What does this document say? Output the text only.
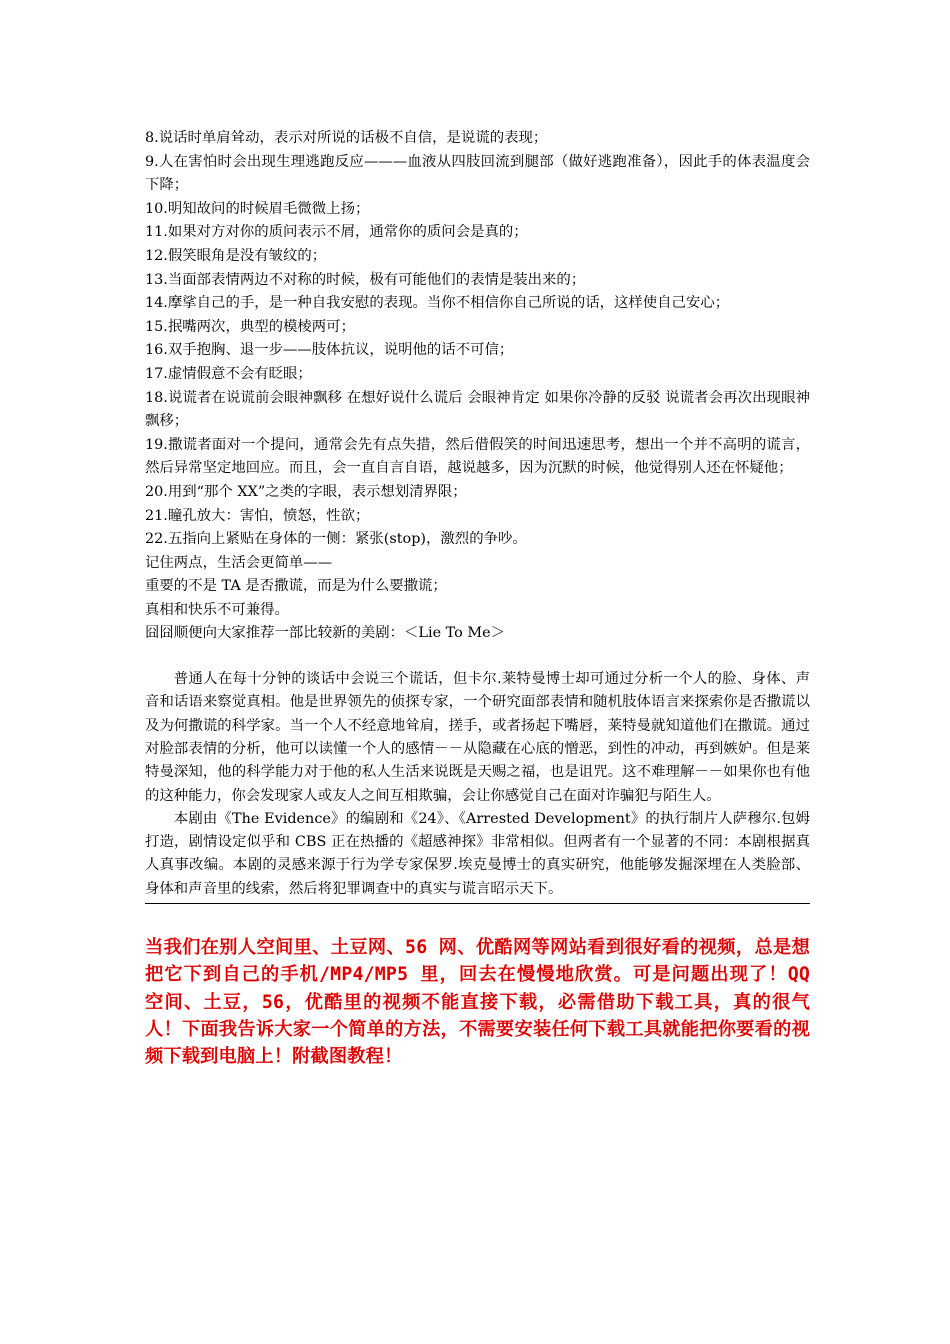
8.说话时单肩耸动，表示对所说的话极不自信，是说谎的表现；

9.人在害怕时会出现生理逃跑反应———血液从四肢回流到腿部（做好逃跑准备），因此手的体表温度会下降；

10.明知故问的时候眉毛微微上扬；

11.如果对方对你的质问表示不屑，通常你的质问会是真的；

12.假笑眼角是没有皱纹的；

13.当面部表情两边不对称的时候，极有可能他们的表情是装出来的；

14.摩挲自己的手，是一种自我安慰的表现。当你不相信你自己所说的话，这样使自己安心；

15.抿嘴两次，典型的模棱两可；

16.双手抱胸、退一步——肢体抗议，说明他的话不可信；

17.虚情假意不会有眨眼；

18.说谎者在说谎前会眼神飘移 在想好说什么谎后 会眼神肯定 如果你冷静的反驳 说谎者会再次出现眼神飘移；

19.撒谎者面对一个提问，通常会先有点失措，然后借假笑的时间迅速思考，想出一个并不高明的谎言，然后异常坚定地回应。而且，会一直自言自语，越说越多，因为沉默的时候，他觉得别人还在怀疑他；

20.用到“那个 XX”之类的字眼，表示想划清界限；

21.瞳孔放大：害怕，愤怒，性欲；

22.五指向上紧贴在身体的一侧：紧张(stop)，激烈的争吵。

记住两点，生活会更简单——

重要的不是 TA 是否撒谎，而是为什么要撒谎；

真相和快乐不可兼得。

囧囧顺便向大家推荐一部比较新的美剧：＜Lie To Me＞

普通人在每十分钟的谈话中会说三个谎话，但卡尔.莱特曼博士却可通过分析一个人的脸、身体、声音和话语来察觉真相。他是世界领先的侦探专家，一个研究面部表情和随机肢体语言来探索你是否撒谎以及为何撒谎的科学家。当一个人不经意地耸肩，搓手，或者扬起下嘴唇，莱特曼就知道他们在撒谎。通过对脸部表情的分析，他可以读懂一个人的感情－－从隐藏在心底的憎恶，到性的冲动，再到嫉妒。但是莱特曼深知，他的科学能力对于他的私人生活来说既是天赐之福，也是诅咒。这不难理解－－如果你也有他的这种能力，你会发现家人或友人之间互相欺骗，会让你感觉自己在面对诈骗犯与陌生人。

本剧由《The Evidence》的编剧和《24》、《Arrested Development》的执行制片人萨穆尔.包姆打造，剧情设定似乎和 CBS 正在热播的《超感神探》非常相似。但两者有一个显著的不同：本剧根据真人真事改编。本剧的灵感来源于行为学专家保罗.埃克曼博士的真实研究，他能够发掘深埋在人类脸部、身体和声音里的线索，然后将犯罪调查中的真实与谎言昭示天下。

当我们在别人空间里、土豆网、56 网、优酷网等网站看到很好看的视频，总是想把它下到自己的手机/MP4/MP5 里，回去在慢慢地欣赏。可是问题出现了！QQ 空间、土豆，56，优酷里的视频不能直接下载，必需借助下载工具，真的很气人！下面我告诉大家一个简单的方法，不需要安装任何下载工具就能把你要看的视频下载到电脑上！附截图教程！
